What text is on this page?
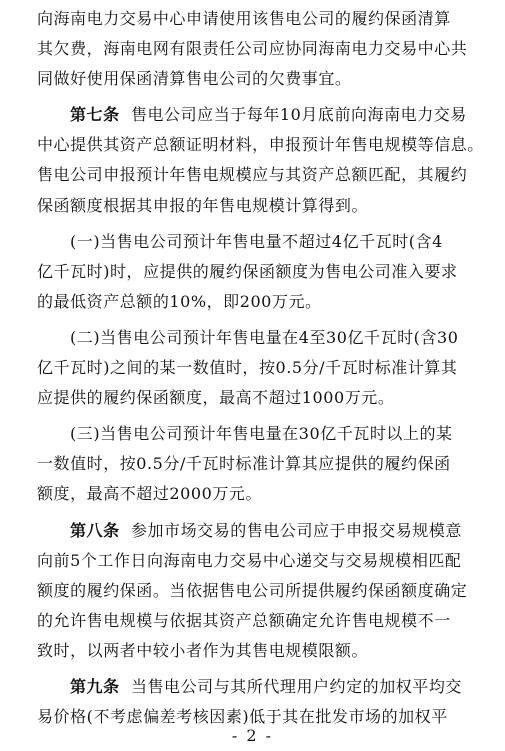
向海南电力交易中心申请使用该售电公司的履约保函清算
其欠费，海南电网有限责任公司应协同海南电力交易中心共
同做好使用保函清算售电公司的欠费事宜。
第七条 售电公司应当于每年10月底前向海南电力交易
中心提供其资产总额证明材料，申报预计年售电规模等信息。
售电公司申报预计年售电规模应与其资产总额匹配，其履约
保函额度根据其申报的年售电规模计算得到。
(一)当售电公司预计年售电量不超过4亿千瓦时(含4
亿千瓦时)时，应提供的履约保函额度为售电公司准入要求
的最低资产总额的10%，即200万元。
(二)当售电公司预计年售电量在4至30亿千瓦时(含30
亿千瓦时)之间的某一数值时，按0.5分/千瓦时标准计算其
应提供的履约保函额度，最高不超过1000万元。
(三)当售电公司预计年售电量在30亿千瓦时以上的某
一数值时，按0.5分/千瓦时标准计算其应提供的履约保函
额度，最高不超过2000万元。
第八条 参加市场交易的售电公司应于申报交易规模意
向前5个工作日向海南电力交易中心递交与交易规模相匹配
额度的履约保函。当依据售电公司所提供履约保函额度确定
的允许售电规模与依据其资产总额确定允许售电规模不一
致时，以两者中较小者作为其售电规模限额。
第九条 当售电公司与其所代理用户约定的加权平均交
易价格(不考虑偏差考核因素)低于其在批发市场的加权平
- 2 -
